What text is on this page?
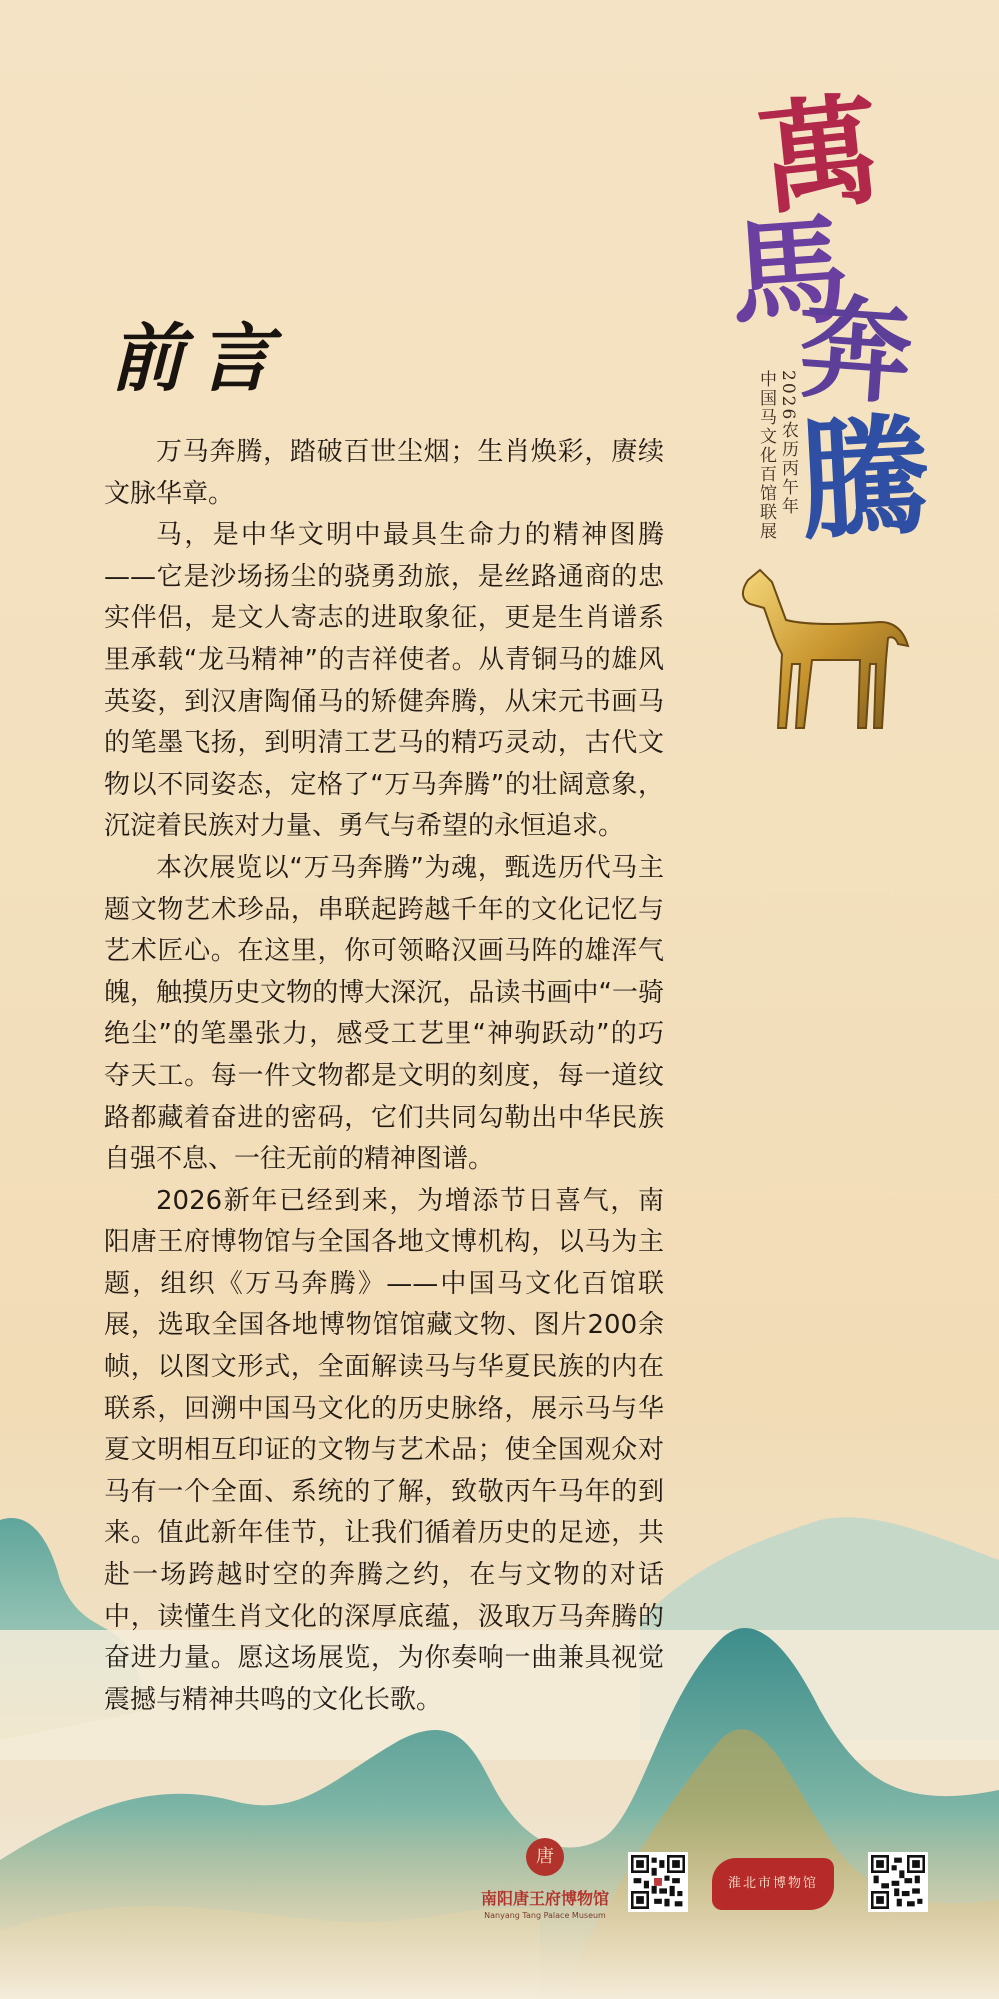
萬
馬
奔
騰
2026农历丙午年
中国马文化百馆联展
前言

万马奔腾，踏破百世尘烟；生肖焕彩，赓续文脉华章。

马，是中华文明中最具生命力的精神图腾——它是沙场扬尘的骁勇劲旅，是丝路通商的忠实伴侣，是文人寄志的进取象征，更是生肖谱系里承载“龙马精神”的吉祥使者。从青铜马的雄风英姿，到汉唐陶俑马的矫健奔腾，从宋元书画马的笔墨飞扬，到明清工艺马的精巧灵动，古代文物以不同姿态，定格了“万马奔腾”的壮阔意象，沉淀着民族对力量、勇气与希望的永恒追求。

本次展览以“万马奔腾”为魂，甄选历代马主题文物艺术珍品，串联起跨越千年的文化记忆与艺术匠心。在这里，你可领略汉画马阵的雄浑气魄，触摸历史文物的博大深沉，品读书画中“一骑绝尘”的笔墨张力，感受工艺里“神驹跃动”的巧夺天工。每一件文物都是文明的刻度，每一道纹路都藏着奋进的密码，它们共同勾勒出中华民族自强不息、一往无前的精神图谱。

2026新年已经到来，为增添节日喜气，南阳唐王府博物馆与全国各地文博机构，以马为主题，组织《万马奔腾》——中国马文化百馆联展，选取全国各地博物馆馆藏文物、图片200余帧，以图文形式，全面解读马与华夏民族的内在联系，回溯中国马文化的历史脉络，展示马与华夏文明相互印证的文物与艺术品；使全国观众对马有一个全面、系统的了解，致敬丙午马年的到来。值此新年佳节，让我们循着历史的足迹，共赴一场跨越时空的奔腾之约，在与文物的对话中，读懂生肖文化的深厚底蕴，汲取万马奔腾的奋进力量。愿这场展览，为你奏响一曲兼具视觉震撼与精神共鸣的文化长歌。

唐
南阳唐王府博物馆
Nanyang Tang Palace Museum
淮北市博物馆
